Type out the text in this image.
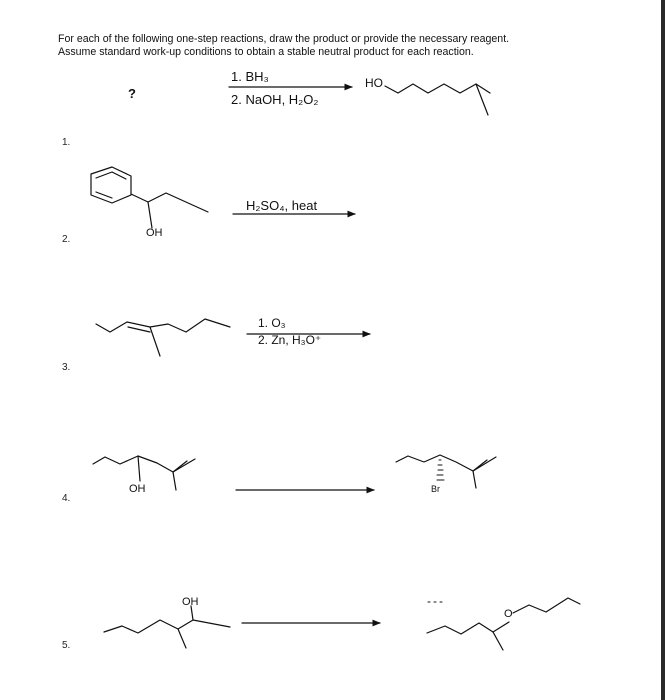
For each of the following one-step reactions, draw the product or provide the necessary reagent.
Assume standard work-up conditions to obtain a stable neutral product for each reaction.
1.
2.
3.
4.
5.
?
1. BH₃
2. NaOH, H₂O₂
HO
OH
H₂SO₄, heat
1. O₃
2. Zn, H₃O⁺
OH	Br
OH
O
